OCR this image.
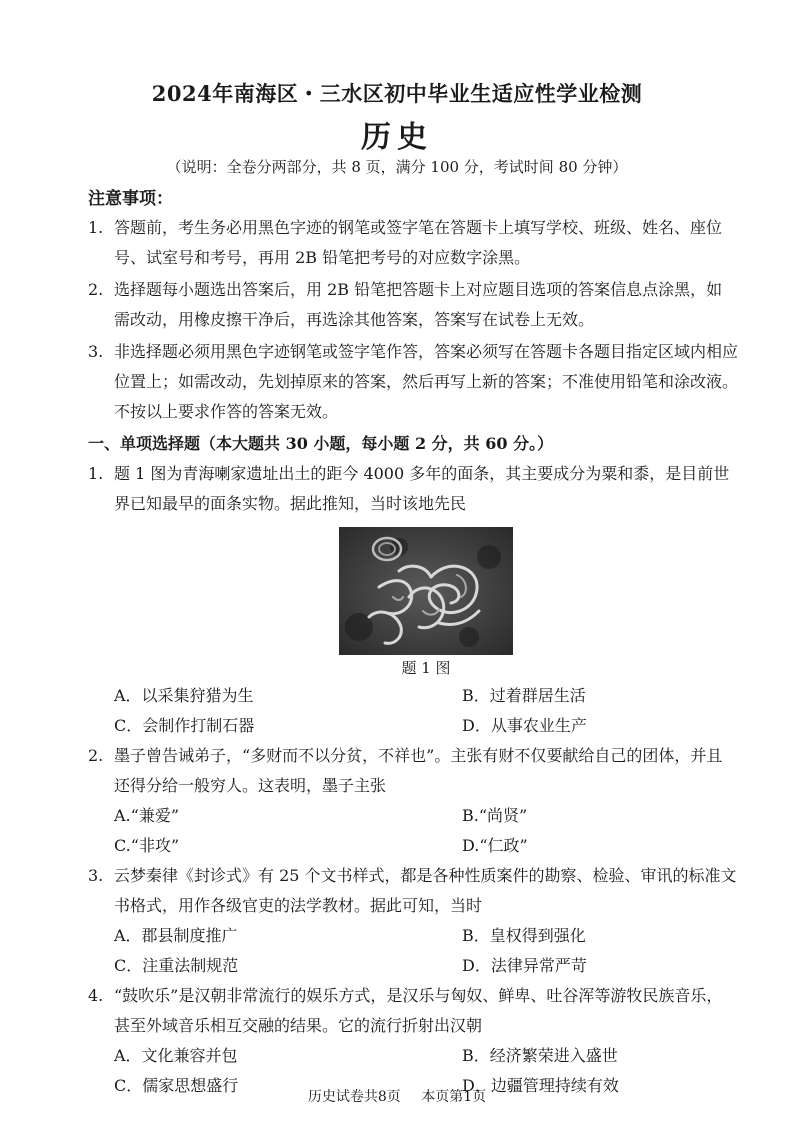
2024年南海区・三水区初中毕业生适应性学业检测
历史
（说明：全卷分两部分，共 8 页，满分 100 分，考试时间 80 分钟）
注意事项：
1. 答题前，考生务必用黑色字迹的钢笔或签字笔在答题卡上填写学校、班级、姓名、座位号、试室号和考号，再用 2B 铅笔把考号的对应数字涂黑。
2. 选择题每小题选出答案后，用 2B 铅笔把答题卡上对应题目选项的答案信息点涂黑，如需改动，用橡皮擦干净后，再选涂其他答案，答案写在试卷上无效。
3. 非选择题必须用黑色字迹钢笔或签字笔作答，答案必须写在答题卡各题目指定区域内相应位置上；如需改动，先划掉原来的答案，然后再写上新的答案；不准使用铅笔和涂改液。不按以上要求作答的答案无效。
一、单项选择题（本大题共 30 小题，每小题 2 分，共 60 分。）
1. 题 1 图为青海喇家遗址出土的距今 4000 多年的面条，其主要成分为粟和黍，是目前世界已知最早的面条实物。据此推知，当时该地先民
题 1 图
A．以采集狩猎为生	B．过着群居生活
C．会制作打制石器	D．从事农业生产
2. 墨子曾告诫弟子，“多财而不以分贫，不祥也”。主张有财不仅要献给自己的团体，并且还得分给一般穷人。这表明，墨子主张
A.“兼爱”	B.“尚贤”
C.“非攻”	D.“仁政”
3. 云梦秦律《封诊式》有 25 个文书样式，都是各种性质案件的勘察、检验、审讯的标准文书格式，用作各级官吏的法学教材。据此可知，当时
A．郡县制度推广	B．皇权得到强化
C．注重法制规范	D．法律异常严苛
4. “鼓吹乐”是汉朝非常流行的娱乐方式，是汉乐与匈奴、鲜卑、吐谷浑等游牧民族音乐，甚至外域音乐相互交融的结果。它的流行折射出汉朝
A．文化兼容并包	B．经济繁荣进入盛世
C．儒家思想盛行	D．边疆管理持续有效
历史试卷共8页 本页第1页
